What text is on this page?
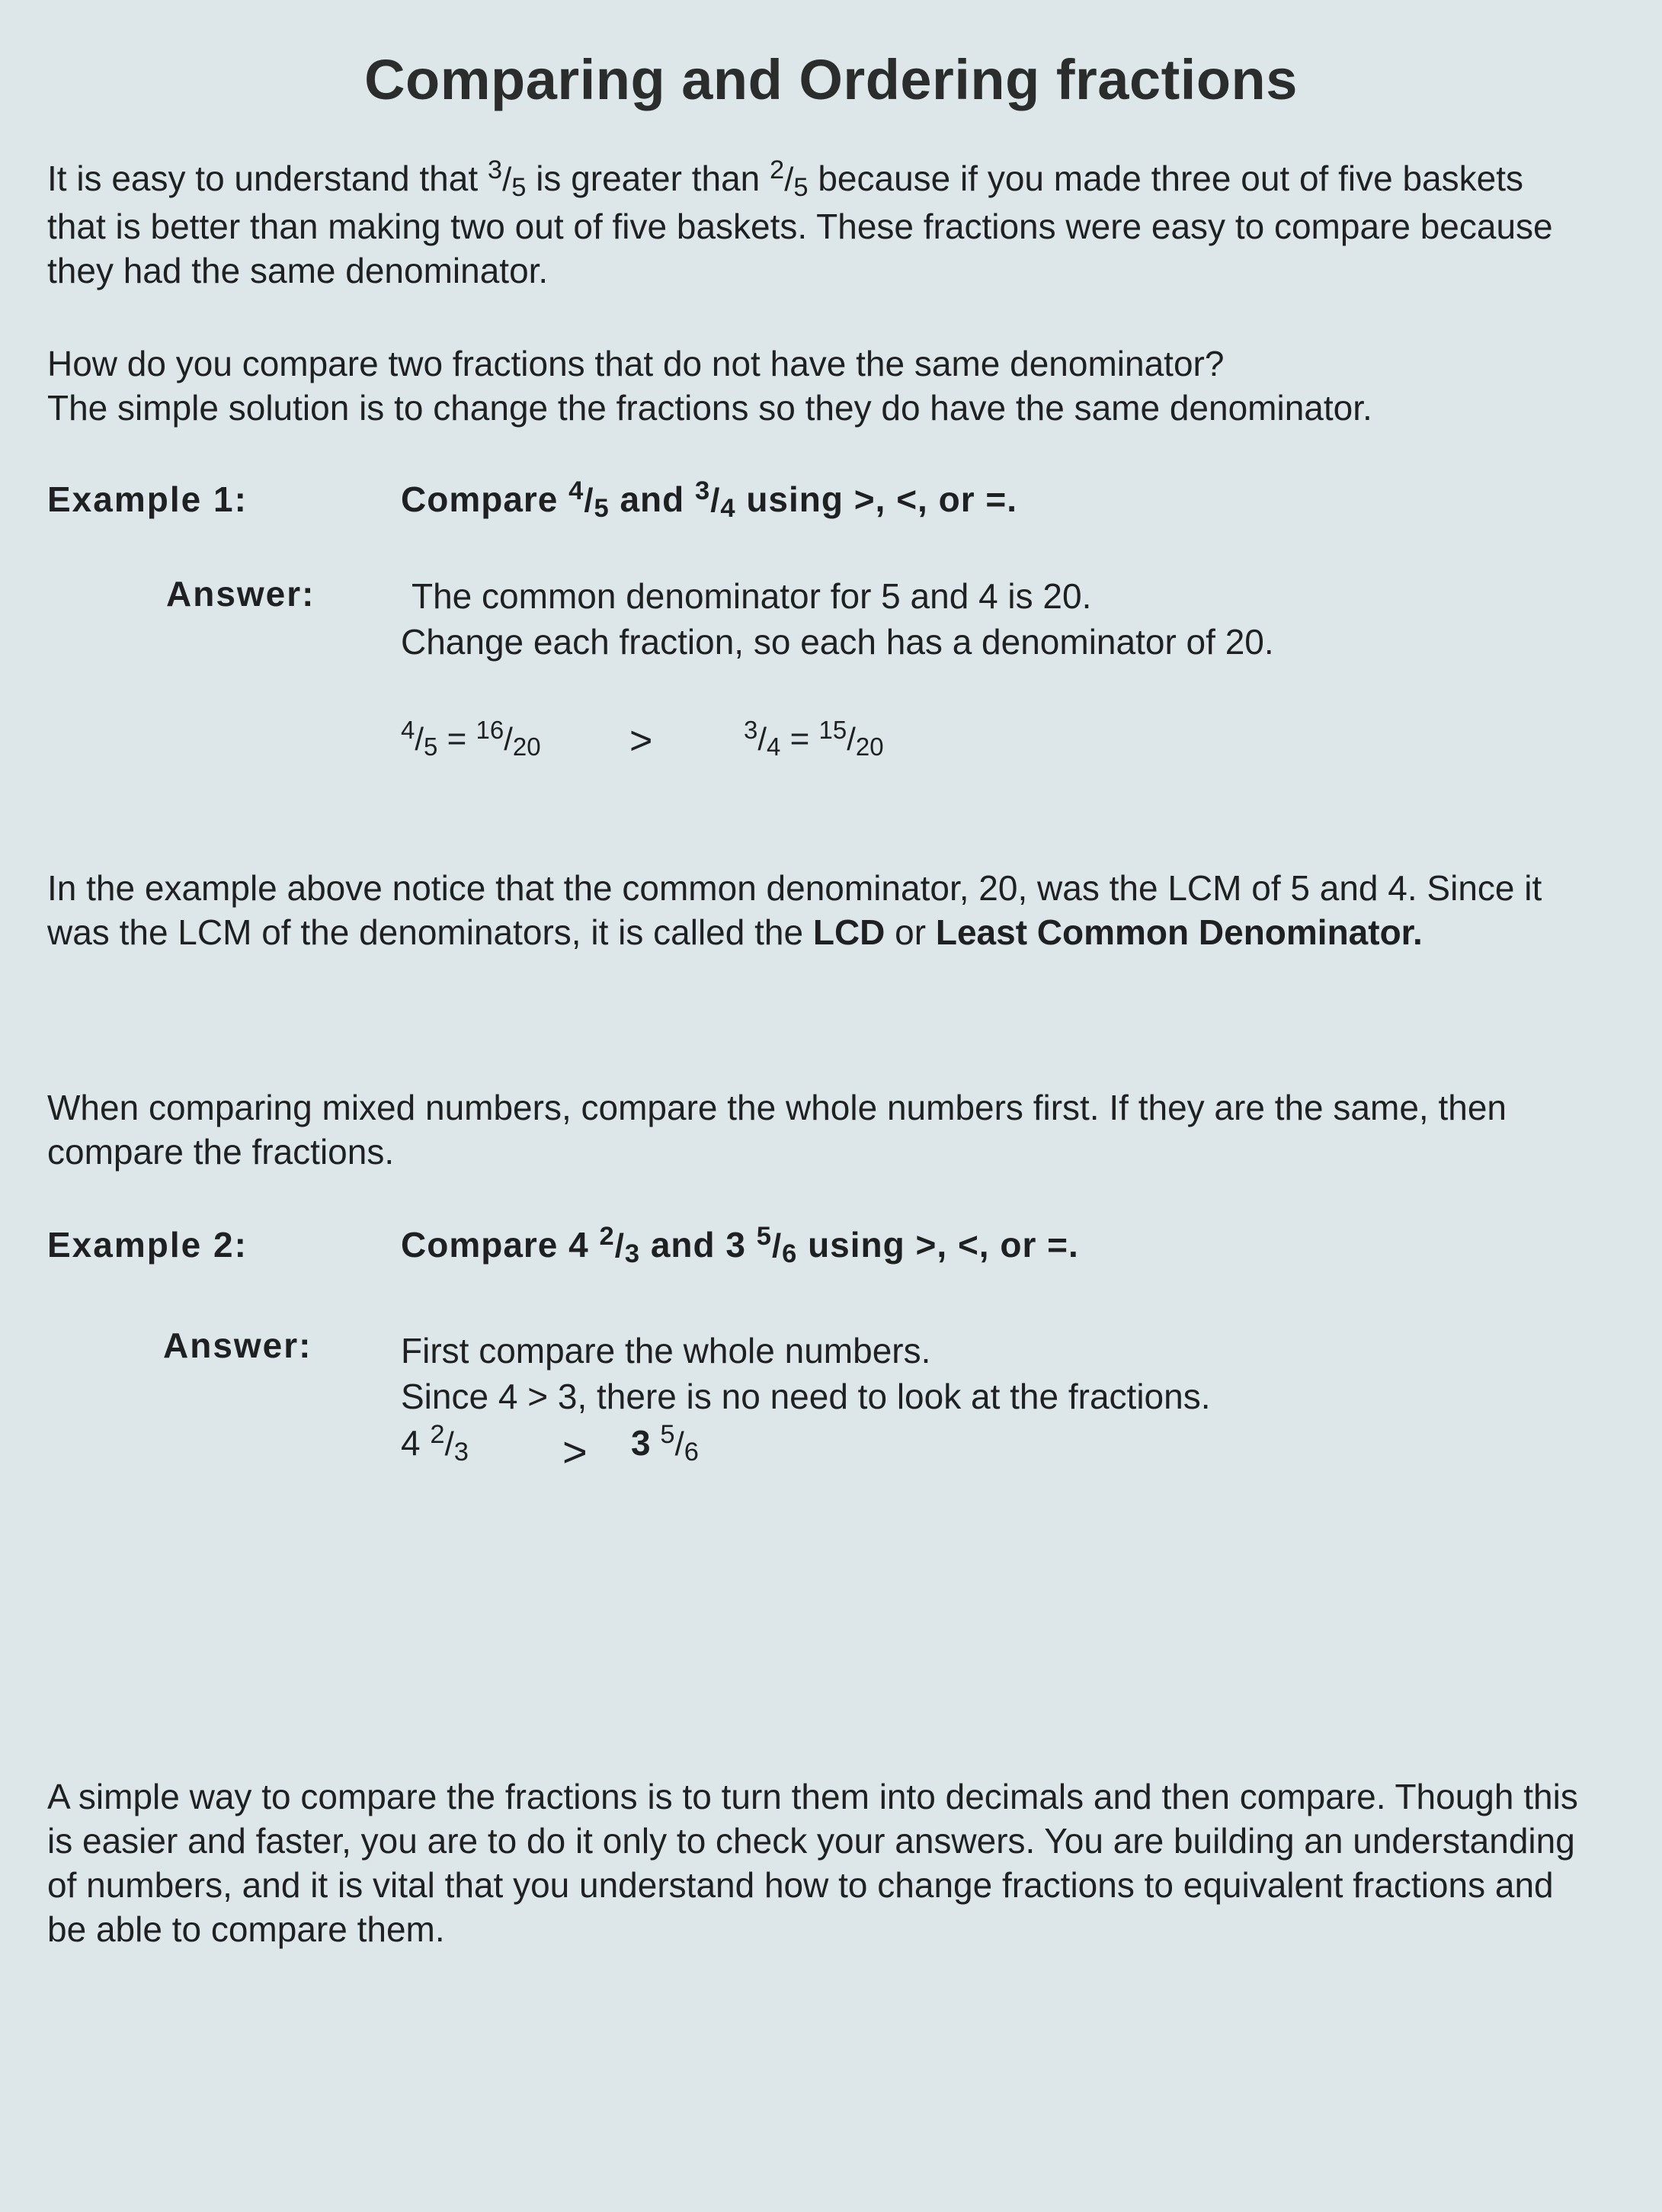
Comparing and Ordering fractions

It is easy to understand that $^3$/5 is greater than $^2$/5 because if you made three out of five baskets that is better than making two out of five baskets. These fractions were easy to compare because they had the same denominator.

How do you compare two fractions that do not have the same denominator?
The simple solution is to change the fractions so they do have the same denominator.

Example 1:	Compare $^4$/5 and $^3$/4 using >, <, or =.
Answer:	The common denominator for 5 and 4 is 20.
Change each fraction, so each has a denominator of 20.
$^4$/5 = $^{16}$/20 >	$^3$/4 = $^{15}$/20

In the example above notice that the common denominator, 20, was the LCM of 5 and 4. Since it was the LCM of the denominators, it is called the LCD or Least Common Denominator.

When comparing mixed numbers, compare the whole numbers first. If they are the same, then compare the fractions.

Example 2:	Compare 4 $^2$/3 and 3 $^5$/6 using >, <, or =.
Answer:	First compare the whole numbers.
Since 4 > 3, there is no need to look at the fractions.
4 $^2$/3 > 3 $^5$/6

A simple way to compare the fractions is to turn them into decimals and then compare. Though this is easier and faster, you are to do it only to check your answers. You are building an understanding of numbers, and it is vital that you understand how to change fractions to equivalent fractions and be able to compare them.
